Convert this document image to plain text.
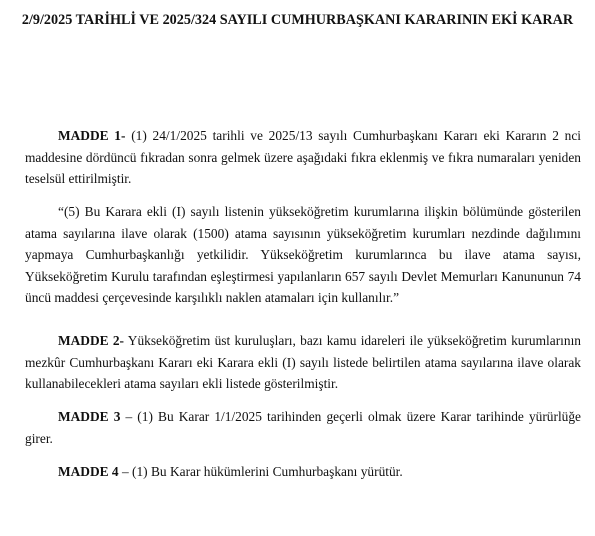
2/9/2025 TARİHLİ VE 2025/324 SAYILI CUMHURBAŞKANI KARARININ EKİ KARAR

MADDE 1- (1) 24/1/2025 tarihli ve 2025/13 sayılı Cumhurbaşkanı Kararı eki Kararın 2 nci maddesine dördüncü fıkradan sonra gelmek üzere aşağıdaki fıkra eklenmiş ve fıkra numaraları yeniden teselsül ettirilmiştir.

“(5) Bu Karara ekli (I) sayılı listenin yükseköğretim kurumlarına ilişkin bölümünde gösterilen atama sayılarına ilave olarak (1500) atama sayısının yükseköğretim kurumları nezdinde dağılımını yapmaya Cumhurbaşkanlığı yetkilidir. Yükseköğretim kurumlarınca bu ilave atama sayısı, Yükseköğretim Kurulu tarafından eşleştirmesi yapılanların 657 sayılı Devlet Memurları Kanununun 74 üncü maddesi çerçevesinde karşılıklı naklen atamaları için kullanılır.”

MADDE 2- Yükseköğretim üst kuruluşları, bazı kamu idareleri ile yükseköğretim kurumlarının mezkûr Cumhurbaşkanı Kararı eki Karara ekli (I) sayılı listede belirtilen atama sayılarına ilave olarak kullanabilecekleri atama sayıları ekli listede gösterilmiştir.

MADDE 3 – (1) Bu Karar 1/1/2025 tarihinden geçerli olmak üzere Karar tarihinde yürürlüğe girer.

MADDE 4 – (1) Bu Karar hükümlerini Cumhurbaşkanı yürütür.
